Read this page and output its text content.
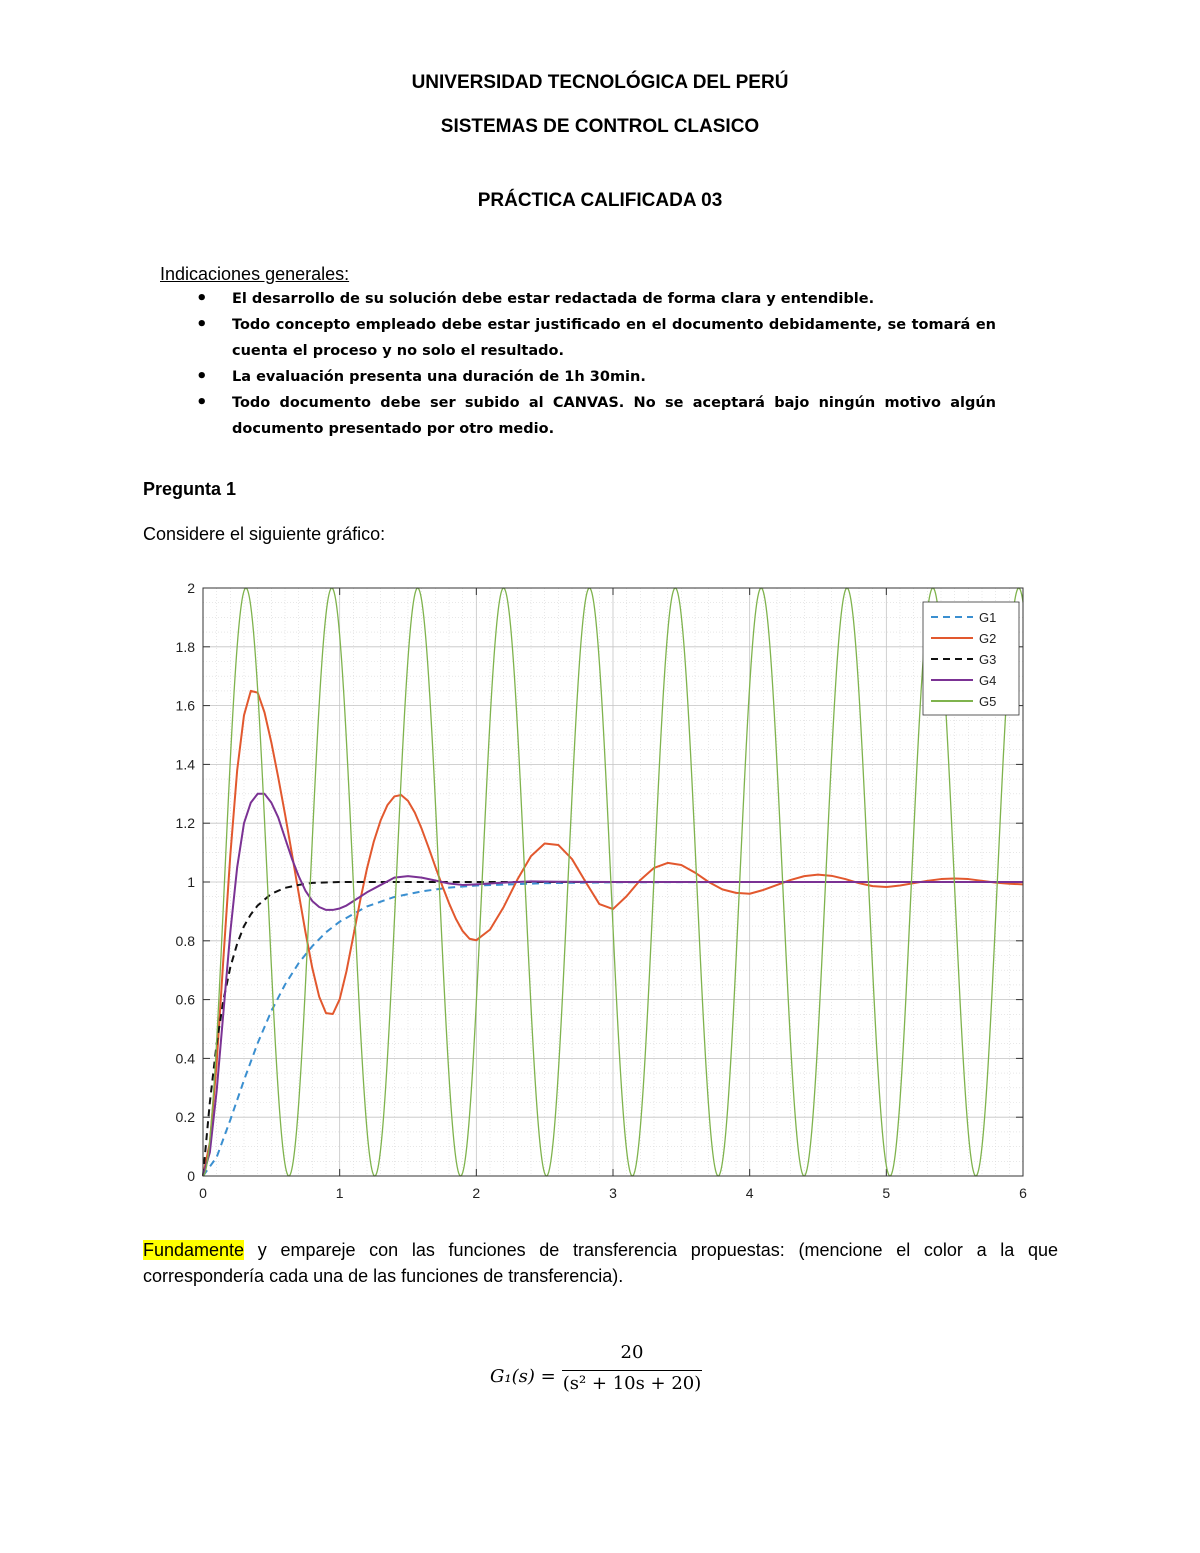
UNIVERSIDAD TECNOLÓGICA DEL PERÚ
SISTEMAS DE CONTROL CLASICO
PRÁCTICA CALIFICADA 03
Indicaciones generales:
• El desarrollo de su solución debe estar redactada de forma clara y entendible.
• Todo concepto empleado debe estar justificado en el documento debidamente, se tomará en cuenta el proceso y no solo el resultado.
• La evaluación presenta una duración de 1h 30min.
• Todo documento debe ser subido al CANVAS. No se aceptará bajo ningún motivo algún documento presentado por otro medio.
Pregunta 1
Considere el siguiente gráfico:
0	1	2	3	4	5	6
0
0.2
0.4
0.6
0.8
1
1.2
1.4
1.6
1.8
2
G1
G2
G3
G4
G5
Fundamente y empareje con las funciones de transferencia propuestas: (mencione el color a la que correspondería cada una de las funciones de transferencia).
G₁(s) =
20
(s² + 10s + 20)
